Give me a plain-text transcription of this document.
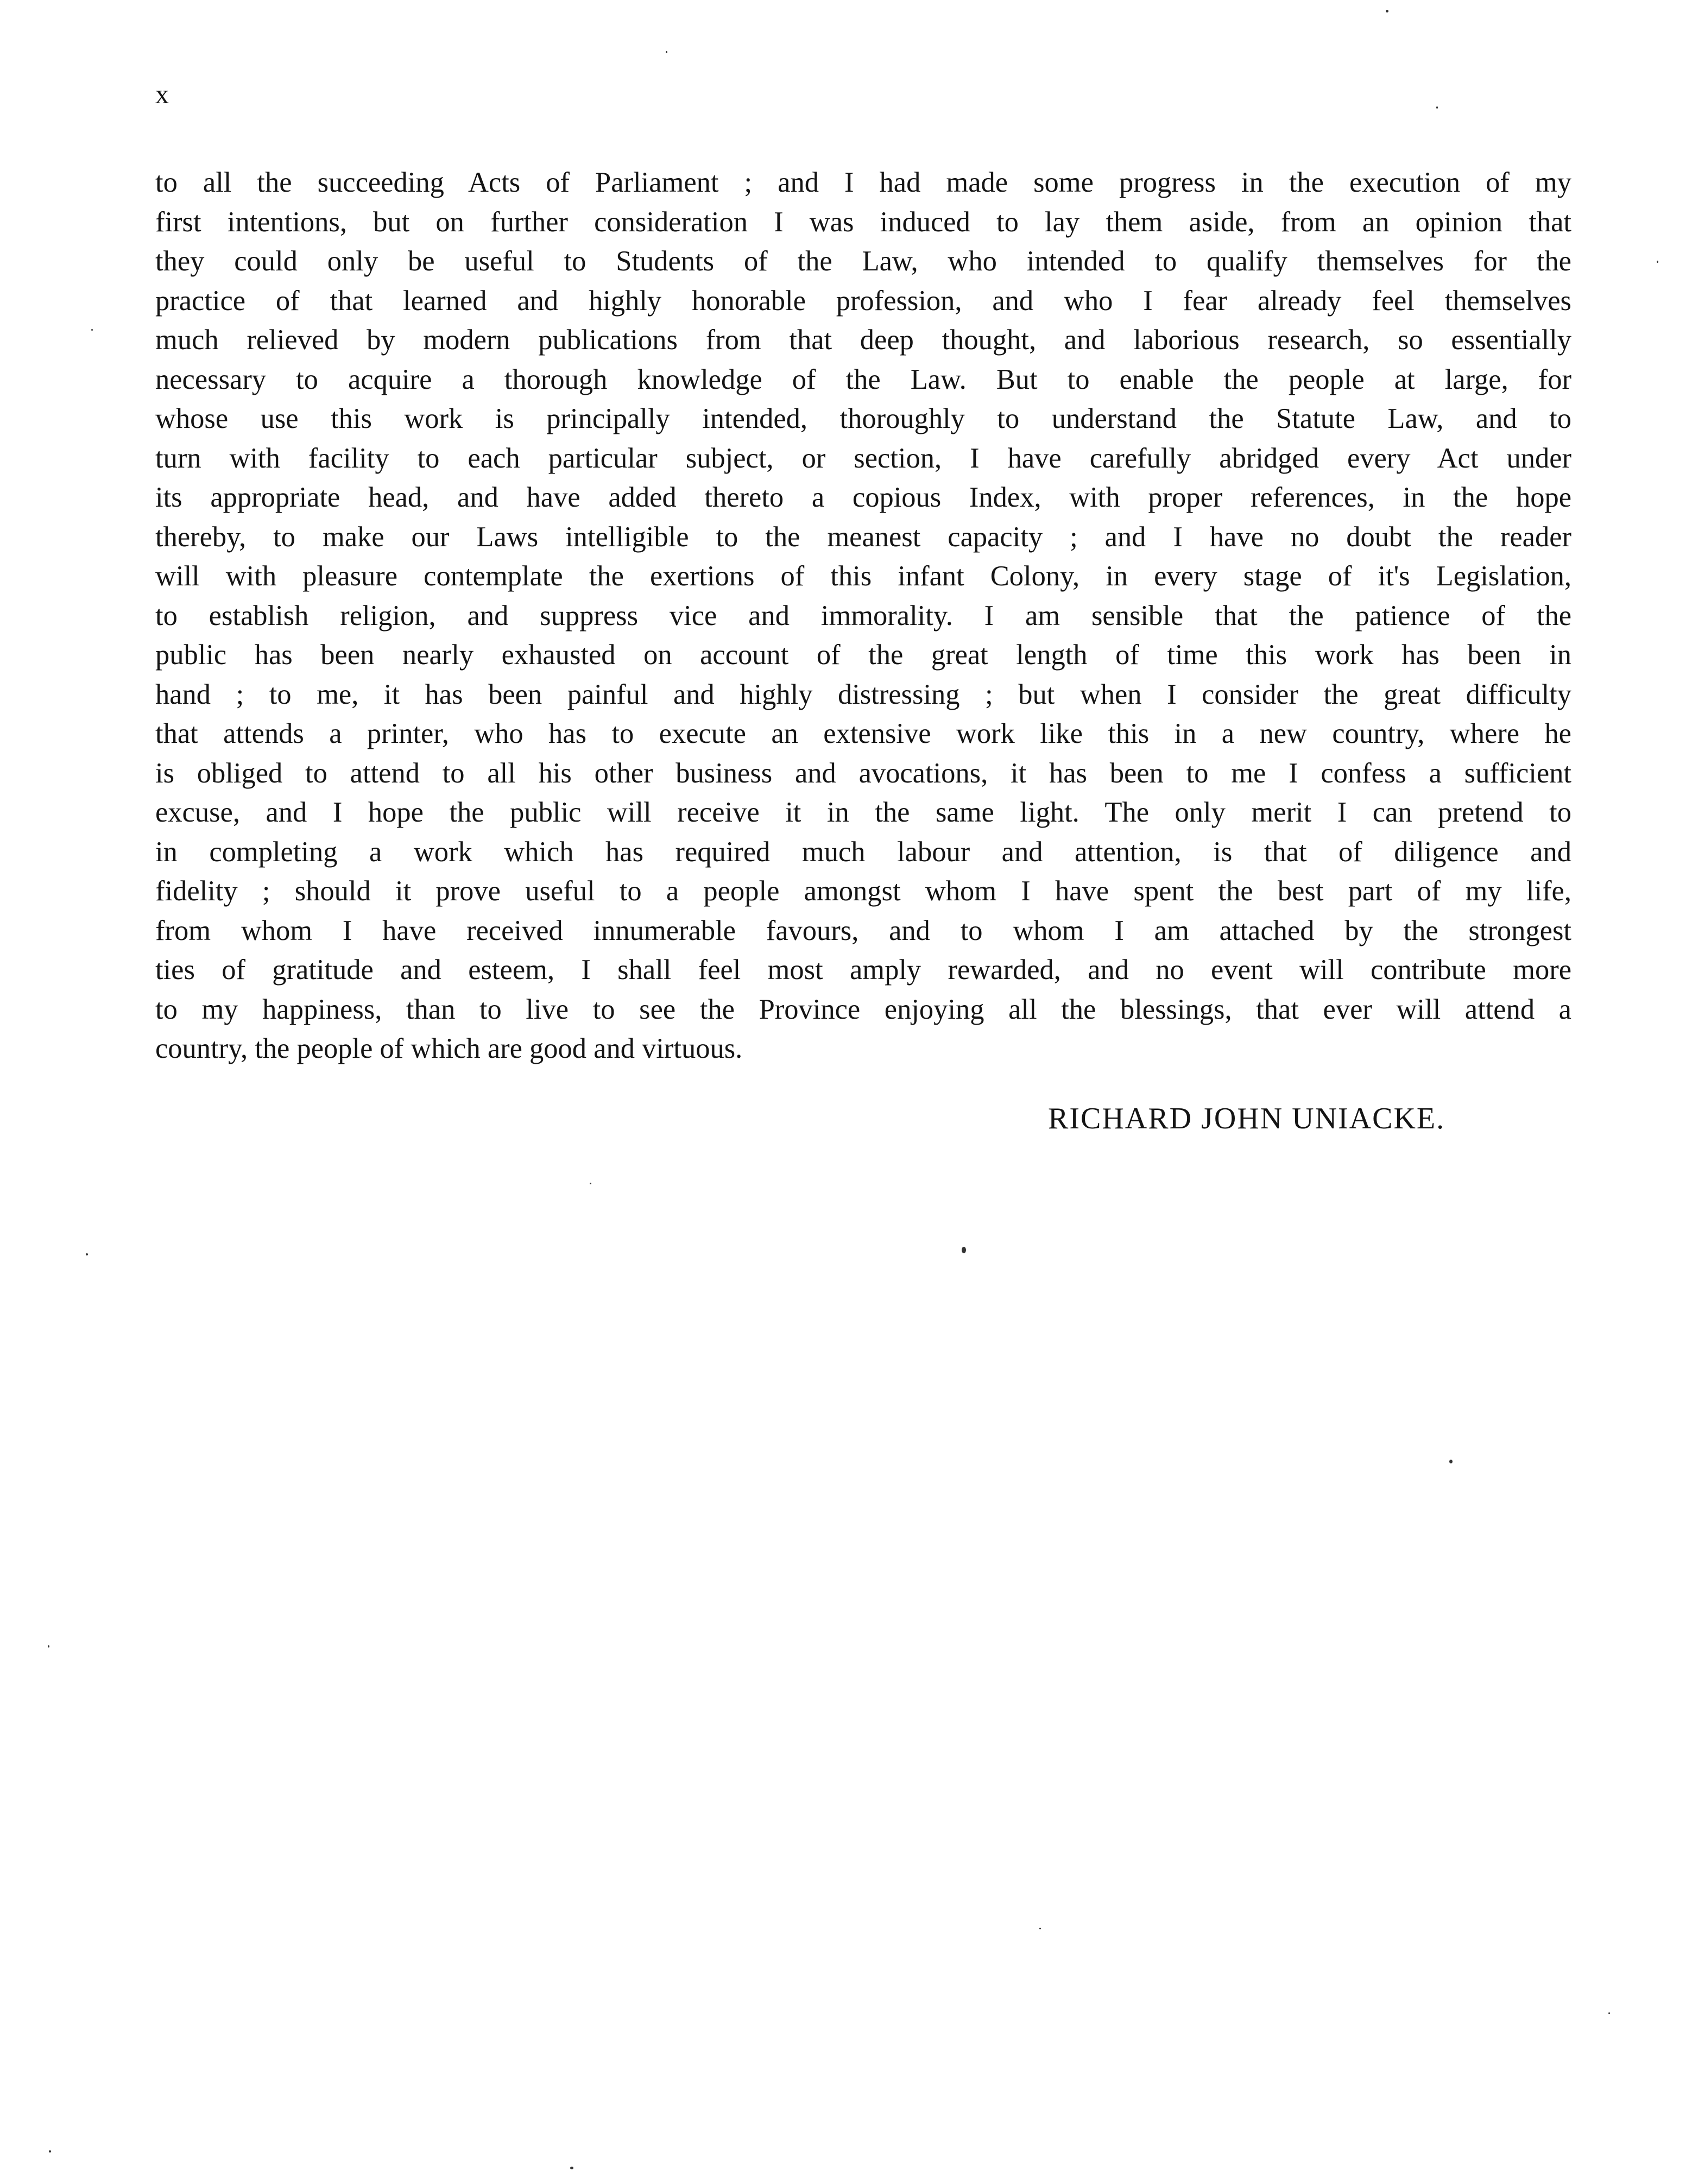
x
to all the succeeding Acts of Parliament ; and I had made some progress in the execution of my
first intentions, but on further consideration I was induced to lay them aside, from an opinion that
they could only be useful to Students of the Law, who intended to qualify themselves for the
practice of that learned and highly honorable profession, and who I fear already feel themselves
much relieved by modern publications from that deep thought, and laborious research, so essentially
necessary to acquire a thorough knowledge of the Law. But to enable the people at large, for
whose use this work is principally intended, thoroughly to understand the Statute Law, and to
turn with facility to each particular subject, or section, I have carefully abridged every Act under
its appropriate head, and have added thereto a copious Index, with proper references, in the hope
thereby, to make our Laws intelligible to the meanest capacity ; and I have no doubt the reader
will with pleasure contemplate the exertions of this infant Colony, in every stage of it's Legislation,
to establish religion, and suppress vice and immorality. I am sensible that the patience of the
public has been nearly exhausted on account of the great length of time this work has been in
hand ; to me, it has been painful and highly distressing ; but when I consider the great difficulty
that attends a printer, who has to execute an extensive work like this in a new country, where he
is obliged to attend to all his other business and avocations, it has been to me I confess a sufficient
excuse, and I hope the public will receive it in the same light. The only merit I can pretend to
in completing a work which has required much labour and attention, is that of diligence and
fidelity ; should it prove useful to a people amongst whom I have spent the best part of my life,
from whom I have received innumerable favours, and to whom I am attached by the strongest
ties of gratitude and esteem, I shall feel most amply rewarded, and no event will contribute more
to my happiness, than to live to see the Province enjoying all the blessings, that ever will attend a
country, the people of which are good and virtuous.
RICHARD JOHN UNIACKE.
